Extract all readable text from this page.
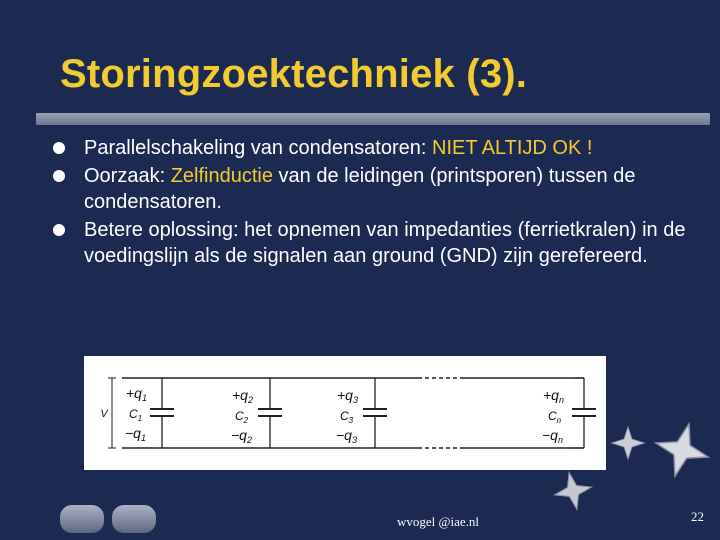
Storingzoektechniek (3).
Parallelschakeling van condensatoren: NIET ALTIJD OK !
Oorzaak: Zelfinductie van de leidingen (printsporen) tussen de condensatoren.
Betere oplossing: het opnemen van impedanties (ferrietkralen) in de voedingslijn als de signalen aan ground (GND) zijn gerefereerd.
V
$+q_1$
$C_1$
$-q_1$
$+q_2$
$C_2$
$-q_2$
$+q_3$
$C_3$
$-q_3$
$+q_n$
$C_n$
$-q_n$
wvogel @iae.nl	22
